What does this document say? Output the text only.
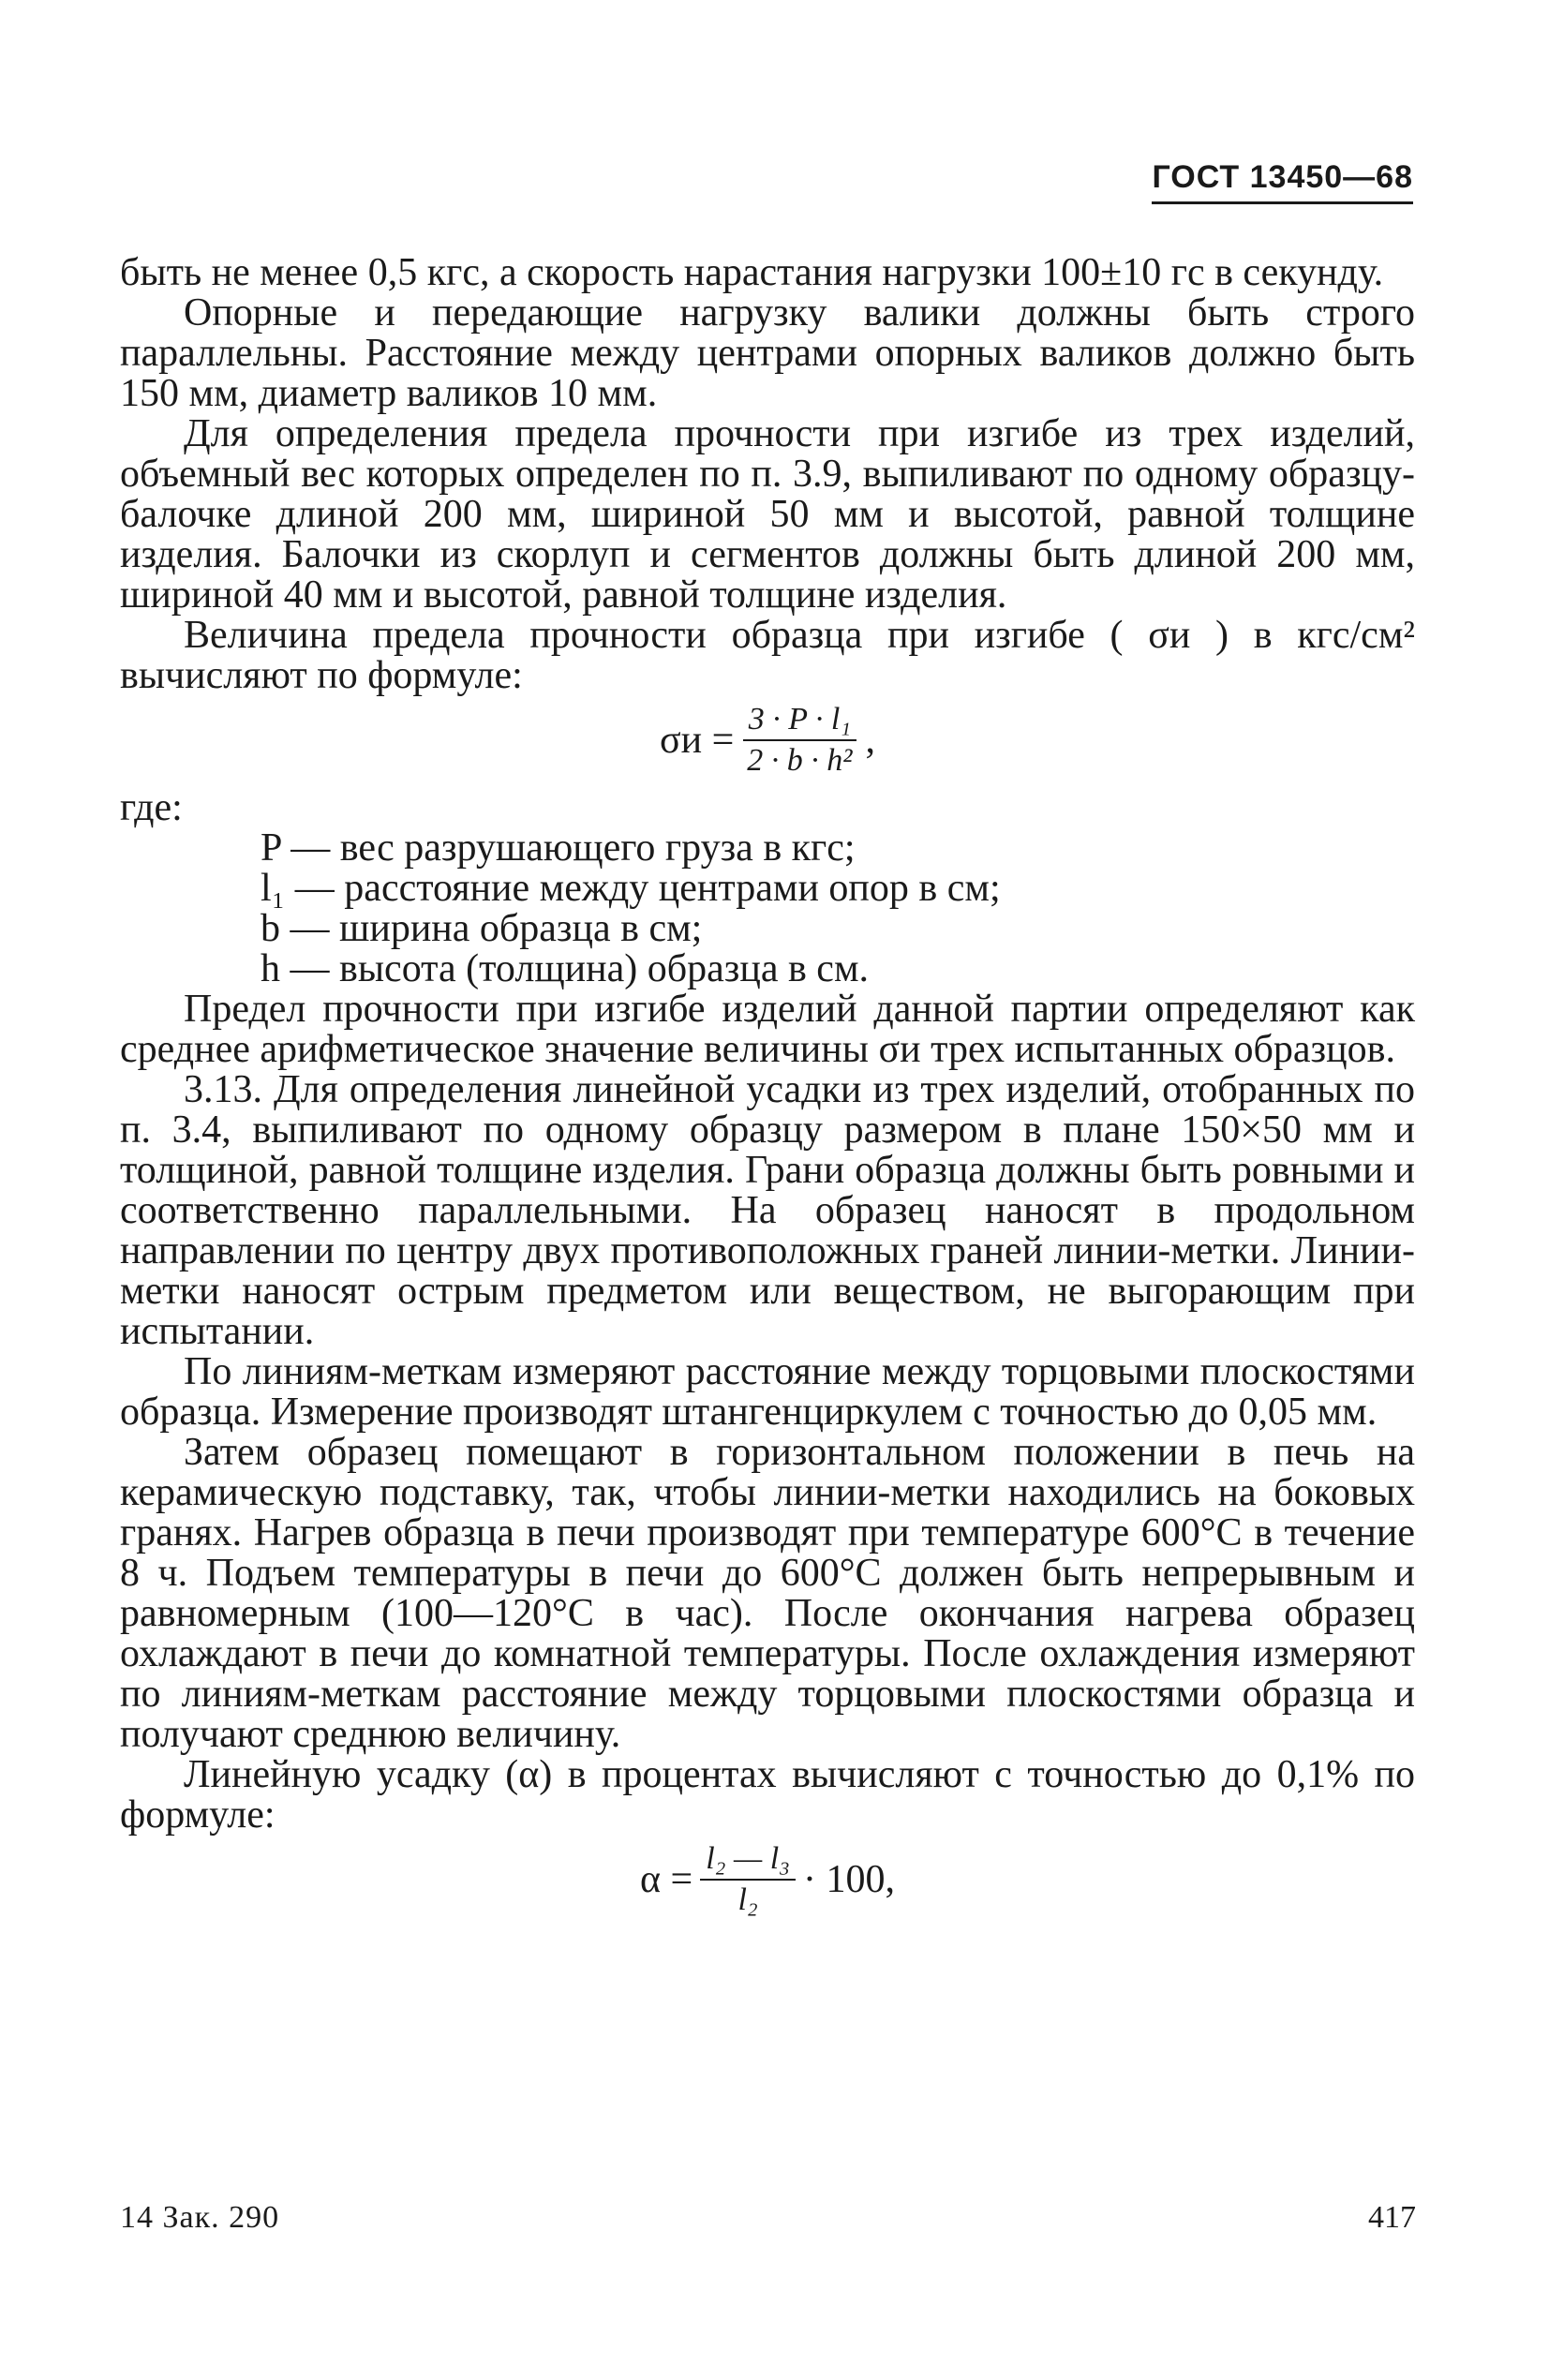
ГОСТ 13450—68

быть не менее 0,5 кгс, а скорость нарастания нагрузки 100±10 гс в секунду.

Опорные и передающие нагрузку валики должны быть строго параллельны. Расстояние между центрами опорных валиков должно быть 150 мм, диаметр валиков 10 мм.

Для определения предела прочности при изгибе из трех изделий, объемный вес которых определен по п. 3.9, выпиливают по одному образцу-балочке длиной 200 мм, шириной 50 мм и высотой, равной толщине изделия. Балочки из скорлуп и сегментов должны быть длиной 200 мм, шириной 40 мм и высотой, равной толщине изделия.

Величина предела прочности образца при изгибе ( σи ) в кгс/см² вычисляют по формуле:

$\sigma и = \frac{\text{3 · P · l₁}}{\text{2 · b · h²}}$ ,

где:

P — вес разрушающего груза в кгс;
l₁ — расстояние между центрами опор в см;
b — ширина образца в см;
h — высота (толщина) образца в см.

Предел прочности при изгибе изделий данной партии определяют как среднее арифметическое значение величины σи трех испытанных образцов.

3.13. Для определения линейной усадки из трех изделий, отобранных по п. 3.4, выпиливают по одному образцу размером в плане 150×50 мм и толщиной, равной толщине изделия. Грани образца должны быть ровными и соответственно параллельными. На образец наносят в продольном направлении по центру двух противоположных граней линии-метки. Линии-метки наносят острым предметом или веществом, не выгорающим при испытании.

По линиям-меткам измеряют расстояние между торцовыми плоскостями образца. Измерение производят штангенциркулем с точностью до 0,05 мм.

Затем образец помещают в горизонтальном положении в печь на керамическую подставку, так, чтобы линии-метки находились на боковых гранях. Нагрев образца в печи производят при температуре 600°С в течение 8 ч. Подъем температуры в печи до 600°С должен быть непрерывным и равномерным (100—120°С в час). После окончания нагрева образец охлаждают в печи до комнатной температуры. После охлаждения измеряют по линиям-меткам расстояние между торцовыми плоскостями образца и получают среднюю величину.

Линейную усадку (α) в процентах вычисляют с точностью до 0,1% по формуле:

$\alpha = \frac{\text{l₂ — l₃}}{\text{l₂}} \cdot 100$,
14 Зак. 290	417
